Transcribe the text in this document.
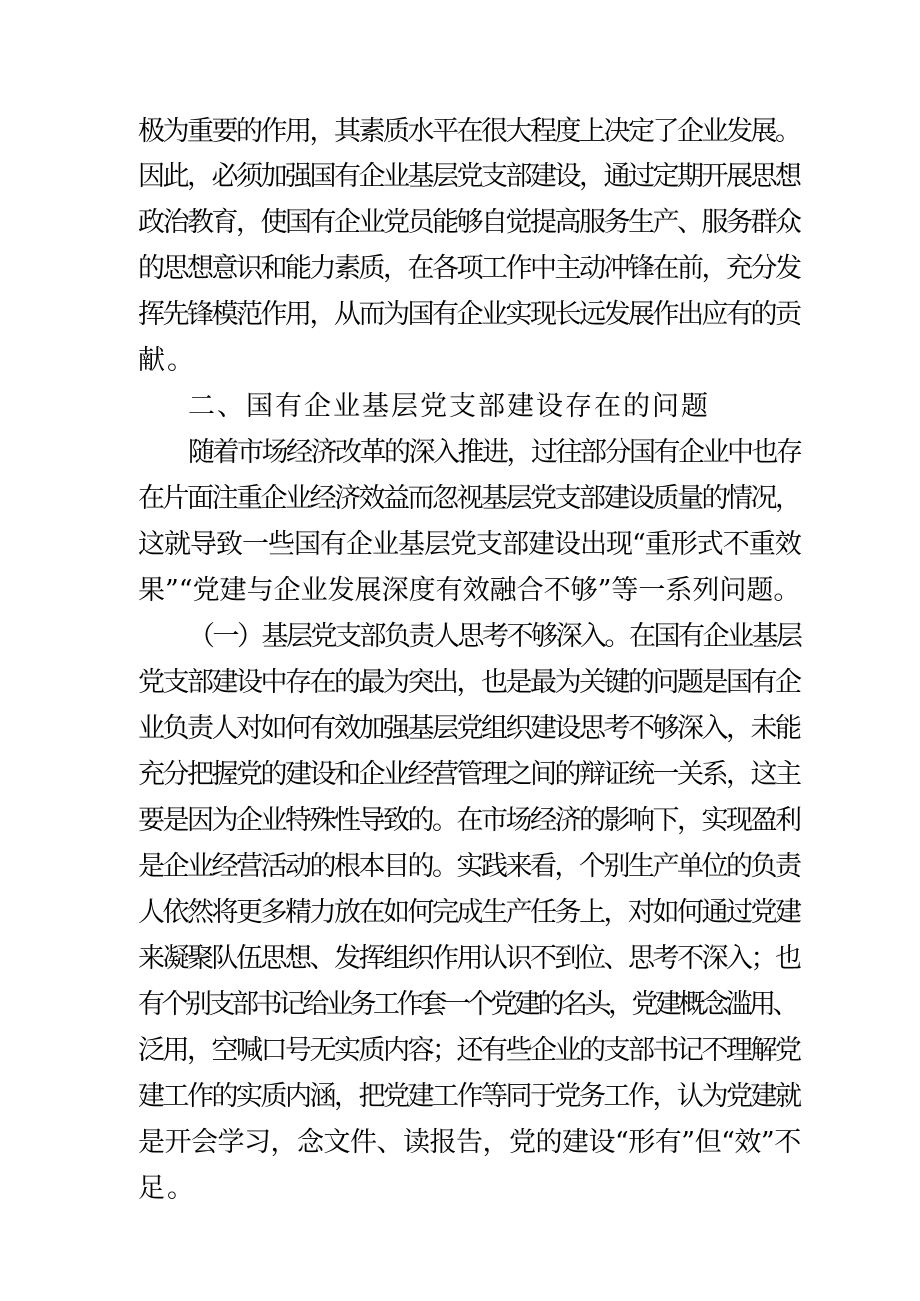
极为重要的作用，其素质水平在很大程度上决定了企业发展。
因此，必须加强国有企业基层党支部建设，通过定期开展思想
政治教育，使国有企业党员能够自觉提高服务生产、服务群众
的思想意识和能力素质，在各项工作中主动冲锋在前，充分发
挥先锋模范作用，从而为国有企业实现长远发展作出应有的贡
献。
二、国有企业基层党支部建设存在的问题
随着市场经济改革的深入推进，过往部分国有企业中也存
在片面注重企业经济效益而忽视基层党支部建设质量的情况，
这就导致一些国有企业基层党支部建设出现“重形式不重效
果”“党建与企业发展深度有效融合不够”等一系列问题。
（一）基层党支部负责人思考不够深入。在国有企业基层
党支部建设中存在的最为突出，也是最为关键的问题是国有企
业负责人对如何有效加强基层党组织建设思考不够深入，未能
充分把握党的建设和企业经营管理之间的辩证统一关系，这主
要是因为企业特殊性导致的。在市场经济的影响下，实现盈利
是企业经营活动的根本目的。实践来看，个别生产单位的负责
人依然将更多精力放在如何完成生产任务上，对如何通过党建
来凝聚队伍思想、发挥组织作用认识不到位、思考不深入；也
有个别支部书记给业务工作套一个党建的名头，党建概念滥用、
泛用，空喊口号无实质内容；还有些企业的支部书记不理解党
建工作的实质内涵，把党建工作等同于党务工作，认为党建就
是开会学习，念文件、读报告，党的建设“形有”但“效”不
足。
